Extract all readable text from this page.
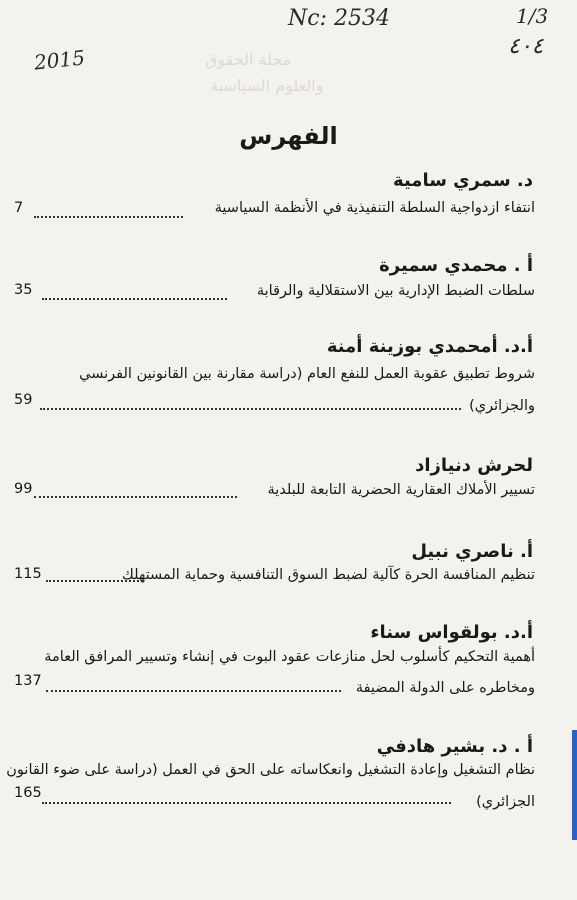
Nc: 2534	1/3
٤٠٤
2015	مجلة الحقوق
والعلوم السياسية
الفهرس
د. سمري سامية
انتفاء ازدواجية السلطة التنفيذية في الأنظمة السياسية
7
أ . محمدي سميرة
سلطات الضبط الإدارية بين الاستقلالية والرقابة
35
أ.د. أمحمدي بوزينة أمنة
شروط تطبيق عقوبة العمل للنفع العام (دراسة مقارنة بين القانونين الفرنسي
والجزائري)
59
لحرش دنيازاد
تسيير الأملاك العقارية الحضرية التابعة للبلدية
99
أ. ناصري نبيل
تنظيم المنافسة الحرة كآلية لضبط السوق التنافسية وحماية المستهلك
115
أ.د. بولقواس سناء
أهمية التحكيم كأسلوب لحل منازعات عقود البوت في إنشاء وتسيير المرافق العامة
ومخاطره على الدولة المضيفة
137
أ . د. بشير هادفي
نظام التشغيل وإعادة التشغيل وانعكاساته على الحق في العمل (دراسة على ضوء القانون
الجزائري)
165
